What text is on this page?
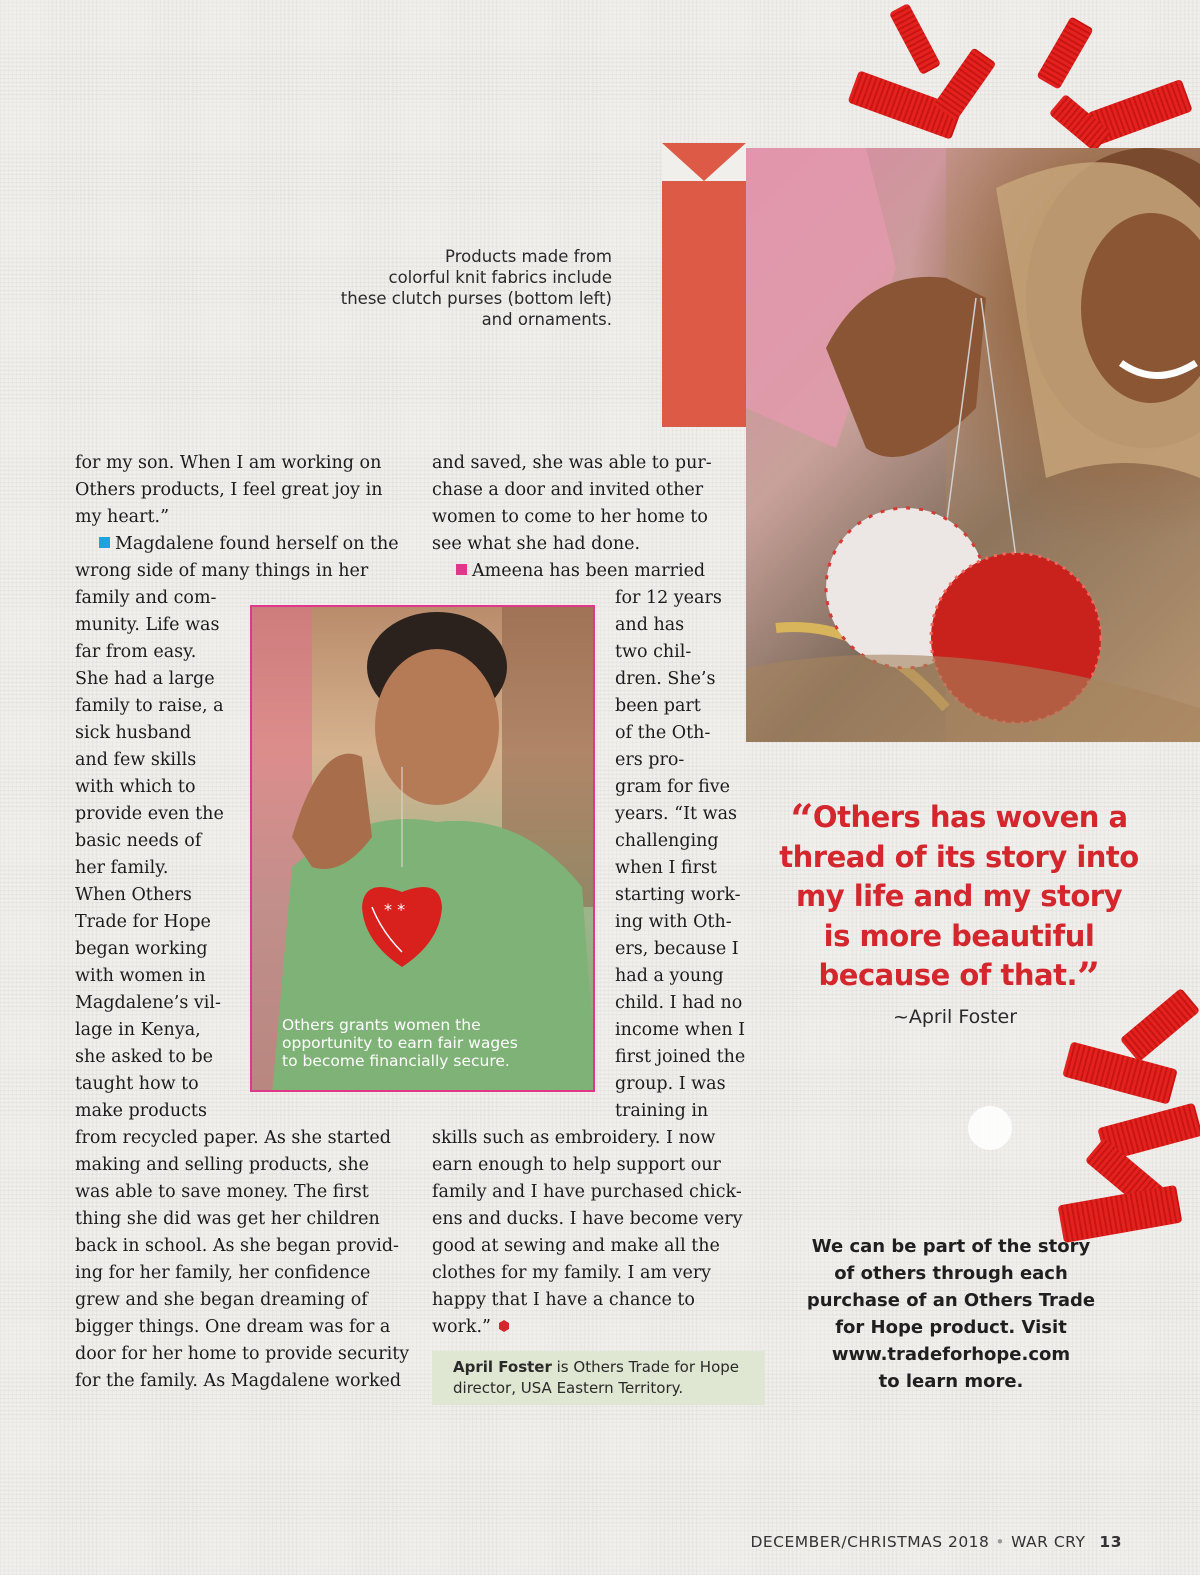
Products made from
colorful knit fabrics include
these clutch purses (bottom left)
and ornaments.
* *
Others grants women the
opportunity to earn fair wages
to become financially secure.

for my son. When I am working on

Others products, I feel great joy in

my heart.”

Magdalene found herself on the

wrong side of many things in her

family and com-

munity. Life was

far from easy.

She had a large

family to raise, a

sick husband

and few skills

with which to

provide even the

basic needs of

her family.

When Others

Trade for Hope

began working

with women in

Magdalene’s vil-

lage in Kenya,

she asked to be

taught how to

make products

from recycled paper. As she started

making and selling products, she

was able to save money. The first

thing she did was get her children

back in school. As she began provid-

ing for her family, her confidence

grew and she began dreaming of

bigger things. One dream was for a

door for her home to provide security

for the family. As Magdalene worked

and saved, she was able to pur-

chase a door and invited other

women to come to her home to

see what she had done.

Ameena has been married

for 12 years

and has

two chil-

dren. She’s

been part

of the Oth-

ers pro-

gram for five

years. “It was

challenging

when I first

starting work-

ing with Oth-

ers, because I

had a young

child. I had no

income when I

first joined the

group. I was

training in

skills such as embroidery. I now

earn enough to help support our

family and I have purchased chick-

ens and ducks. I have become very

good at sewing and make all the

clothes for my family. I am very

happy that I have a chance to

work.”

April Foster is Others Trade for Hope
director, USA Eastern Territory.
“Others has woven a
thread of its story into
my life and my story
is more beautiful
because of that.”
~April Foster
We can be part of the story
of others through each
purchase of an Others Trade
for Hope product. Visit
www.tradeforhope.com
to learn more.
DECEMBER/CHRISTMAS 2018 • WAR CRY 13
